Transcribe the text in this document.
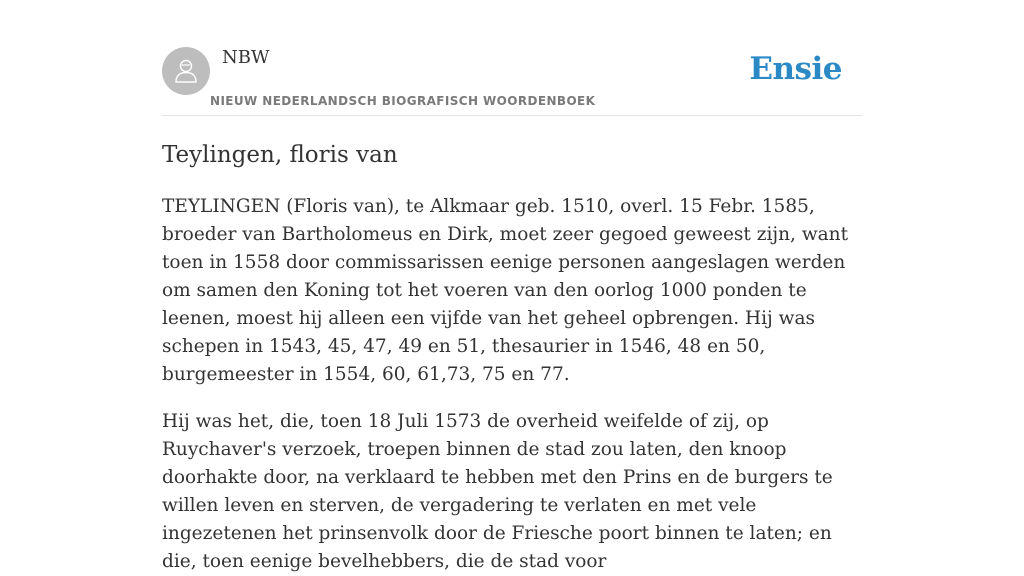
NBW
NIEUW NEDERLANDSCH BIOGRAFISCH WOORDENBOEK
Ensie
Teylingen, floris van

TEYLINGEN (Floris van), te Alkmaar geb. 1510, overl. 15 Febr. 1585, broeder van Bartholomeus en Dirk, moet zeer gegoed geweest zijn, want toen in 1558 door commissarissen eenige personen aangeslagen werden om samen den Koning tot het voeren van den oorlog 1000 ponden te leenen, moest hij alleen een vijfde van het geheel opbrengen. Hij was schepen in 1543, 45, 47, 49 en 51, thesaurier in 1546, 48 en 50, burgemeester in 1554, 60, 61,73, 75 en 77.

Hij was het, die, toen 18 Juli 1573 de overheid weifelde of zij, op Ruychaver's verzoek, troepen binnen de stad zou laten, den knoop doorhakte door, na verklaard te hebben met den Prins en de burgers te willen leven en sterven, de vergadering te verlaten en met vele ingezetenen het prinsenvolk door de Friesche poort binnen te laten; en die, toen eenige bevelhebbers, die de stad voor
